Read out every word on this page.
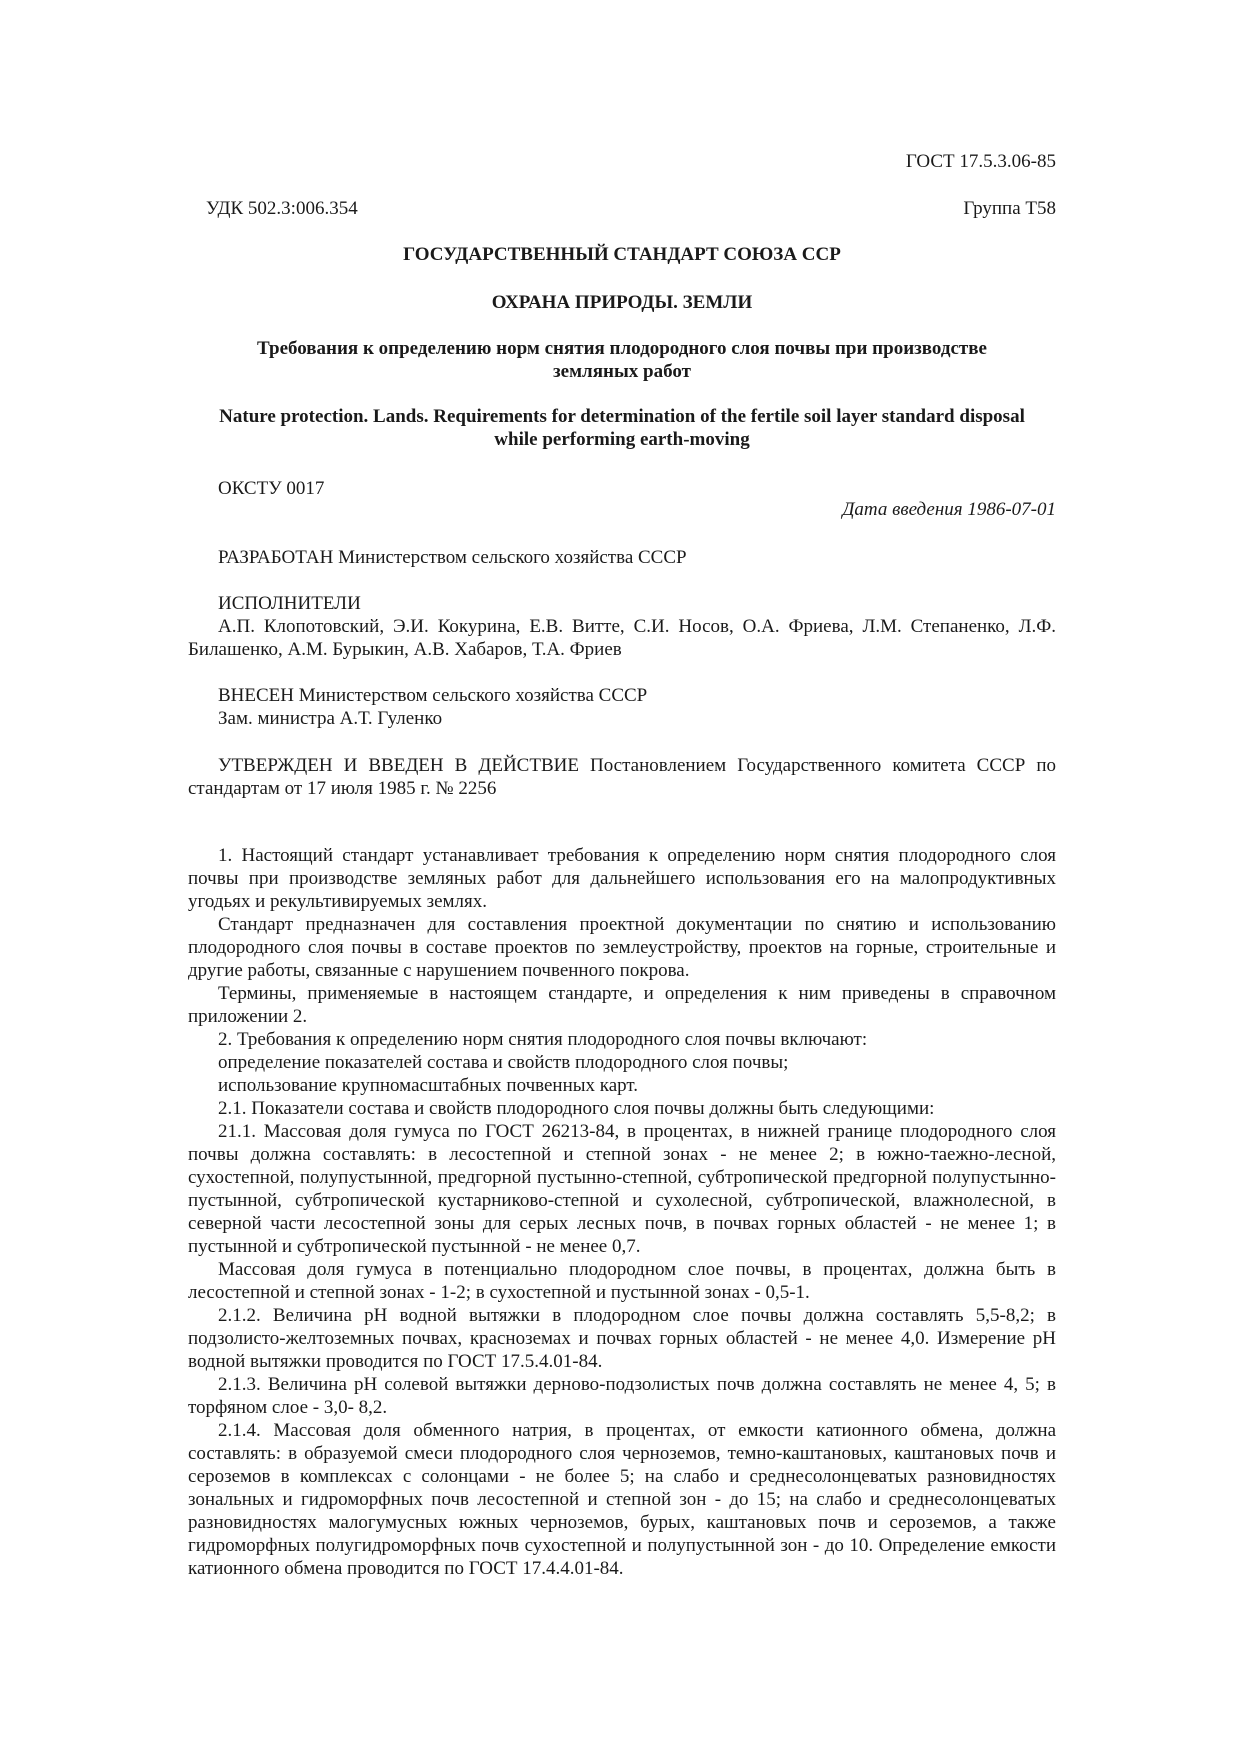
ГОСТ 17.5.3.06-85
УДК 502.3:006.354	Группа Т58
ГОСУДАРСТВЕННЫЙ СТАНДАРТ СОЮЗА ССР
ОХРАНА ПРИРОДЫ. ЗЕМЛИ
Требования к определению норм снятия плодородного слоя почвы при производстве земляных работ
Nature protection. Lands. Requirements for determination of the fertile soil layer standard disposal while performing earth-moving
ОКСТУ 0017
Дата введения 1986-07-01
РАЗРАБОТАН Министерством сельского хозяйства СССР
ИСПОЛНИТЕЛИ

А.П. Клопотовский, Э.И. Кокурина, Е.В. Витте, С.И. Носов, О.А. Фриева, Л.М. Степаненко, Л.Ф. Билашенко, А.М. Бурыкин, А.В. Хабаров, Т.А. Фриев

ВНЕСЕН Министерством сельского хозяйства СССР
Зам. министра А.Т. Гуленко

УТВЕРЖДЕН И ВВЕДЕН В ДЕЙСТВИЕ Постановлением Государственного комитета СССР по стандартам от 17 июля 1985 г. № 2256

1. Настоящий стандарт устанавливает требования к определению норм снятия плодородного слоя почвы при производстве земляных работ для дальнейшего использования его на малопродуктивных угодьях и рекультивируемых землях.

Стандарт предназначен для составления проектной документации по снятию и использованию плодородного слоя почвы в составе проектов по землеустройству, проектов на горные, строительные и другие работы, связанные с нарушением почвенного покрова.

Термины, применяемые в настоящем стандарте, и определения к ним приведены в справочном приложении 2.

2. Требования к определению норм снятия плодородного слоя почвы включают:

определение показателей состава и свойств плодородного слоя почвы;

использование крупномасштабных почвенных карт.

2.1. Показатели состава и свойств плодородного слоя почвы должны быть следующими:

21.1. Массовая доля гумуса по ГОСТ 26213-84, в процентах, в нижней границе плодородного слоя почвы должна составлять: в лесостепной и степной зонах - не менее 2; в южно-таежно-лесной, сухостепной, полупустынной, предгорной пустынно-степной, субтропической предгорной полупустынно-пустынной, субтропической кустарниково-степной и сухолесной, субтропической, влажнолесной, в северной части лесостепной зоны для серых лесных почв, в почвах горных областей - не менее 1; в пустынной и субтропической пустынной - не менее 0,7.

Массовая доля гумуса в потенциально плодородном слое почвы, в процентах, должна быть в лесостепной и степной зонах - 1-2; в сухостепной и пустынной зонах - 0,5-1.

2.1.2. Величина рН водной вытяжки в плодородном слое почвы должна составлять 5,5-8,2; в подзолисто-желтоземных почвах, красноземах и почвах горных областей - не менее 4,0. Измерение рН водной вытяжки проводится по ГОСТ 17.5.4.01-84.

2.1.3. Величина рН солевой вытяжки дерново-подзолистых почв должна составлять не менее 4, 5; в торфяном слое - 3,0- 8,2.

2.1.4. Массовая доля обменного натрия, в процентах, от емкости катионного обмена, должна составлять: в образуемой смеси плодородного слоя черноземов, темно-каштановых, каштановых почв и сероземов в комплексах с солонцами - не более 5; на слабо и среднесолонцеватых разновидностях зональных и гидроморфных почв лесостепной и степной зон - до 15; на слабо и среднесолонцеватых разновидностях малогумусных южных черноземов, бурых, каштановых почв и сероземов, а также гидроморфных полугидроморфных почв сухостепной и полупустынной зон - до 10. Определение емкости катионного обмена проводится по ГОСТ 17.4.4.01-84.
